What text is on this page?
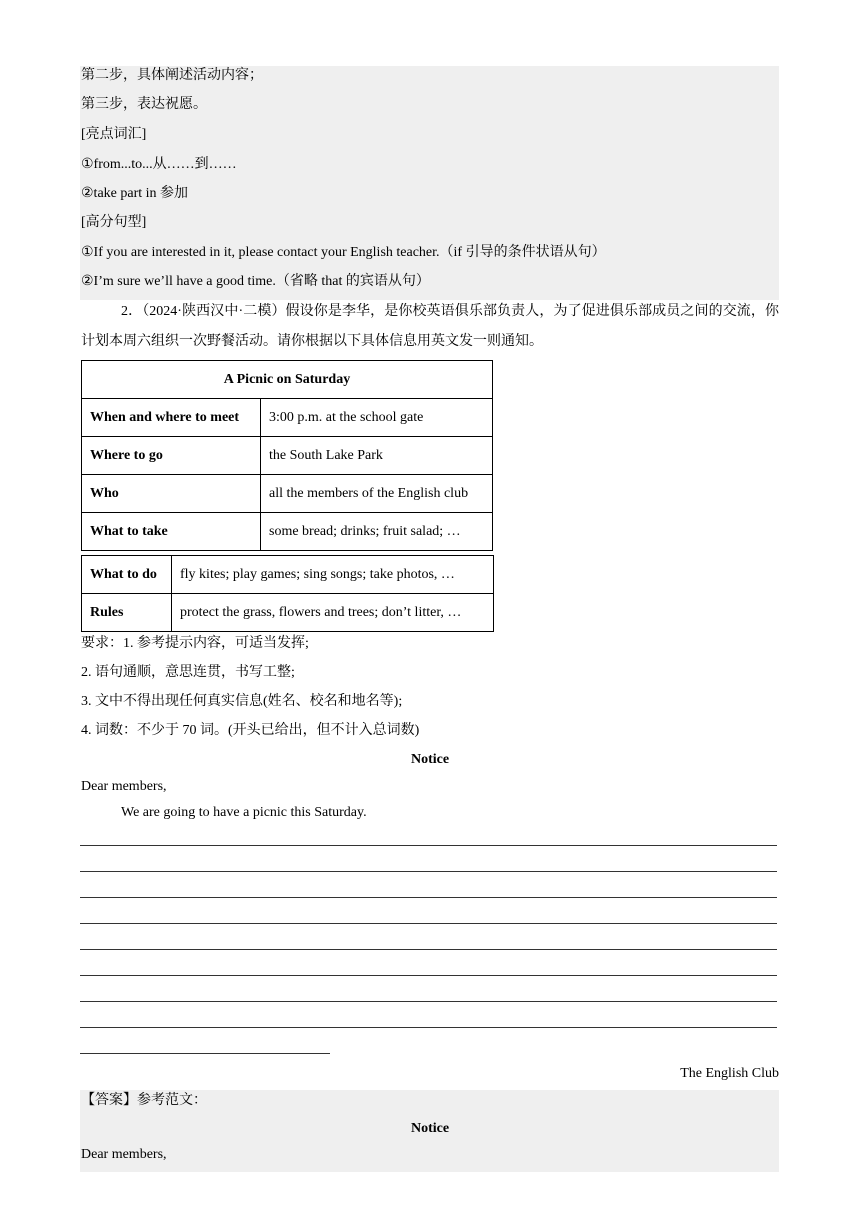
第二步，具体阐述活动内容；
第三步，表达祝愿。
[亮点词汇]
①from...to...从……到……
②take part in 参加
[高分句型]
①If you are interested in it, please contact your English teacher.（if 引导的条件状语从句）
②I’m sure we’ll have a good time.（省略 that 的宾语从句）
2．（2024·陕西汉中·二模）假设你是李华，是你校英语俱乐部负责人，为了促进俱乐部成员之间的交流，你计划本周六组织一次野餐活动。请你根据以下具体信息用英文发一则通知。
A Picnic on Saturday	
When and where to meet	3:00 p.m. at the school gate
Where to go	the South Lake Park
Who	all the members of the English club
What to take	some bread; drinks; fruit salad; …
What to do	fly kites; play games; sing songs; take photos, …
Rules	protect the grass, flowers and trees; don’t litter, …
要求：1. 参考提示内容，可适当发挥;
2. 语句通顺，意思连贯，书写工整;
3. 文中不得出现任何真实信息(姓名、校名和地名等);
4. 词数：不少于 70 词。(开头已给出，但不计入总词数)
Notice
Dear members,
We are going to have a picnic this Saturday.
The English Club
【答案】参考范文：
Notice
Dear members,
